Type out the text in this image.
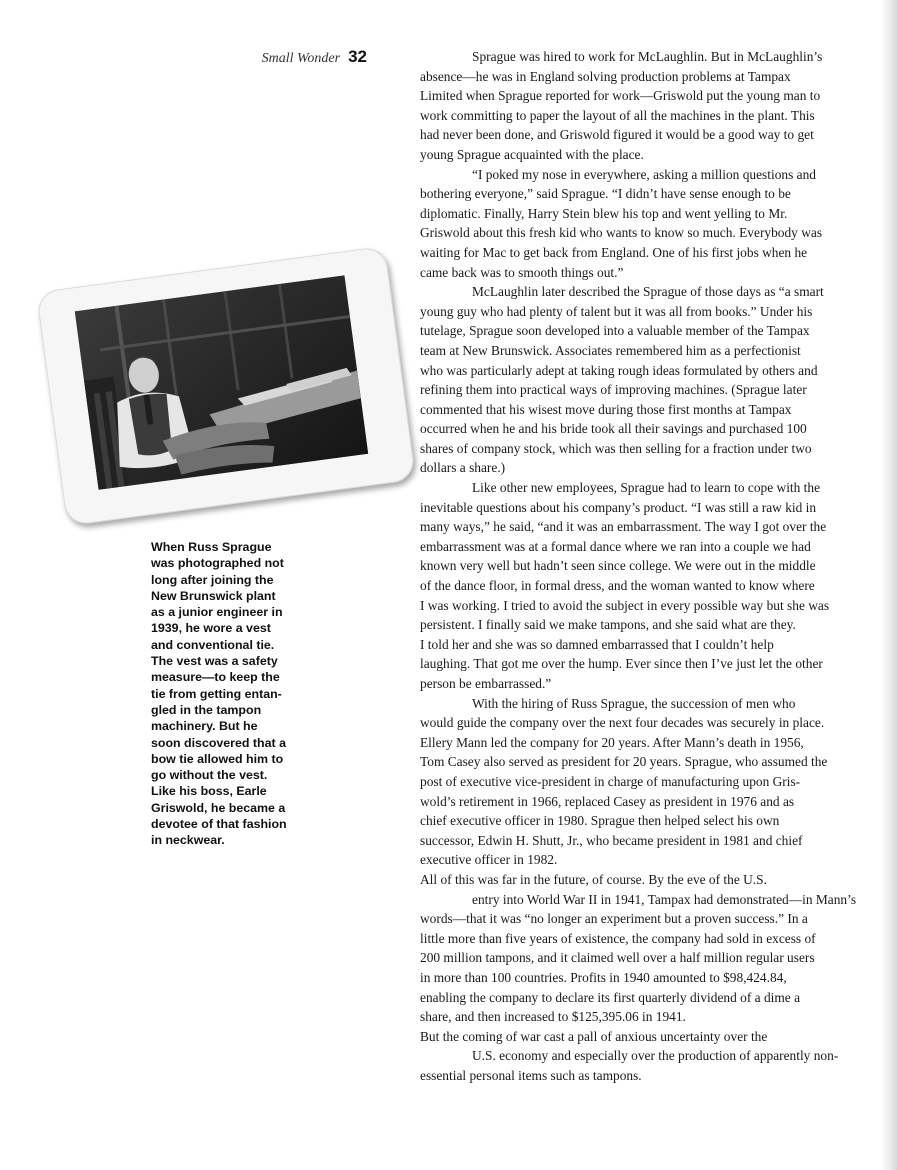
Small Wonder 32
When Russ Sprague
was photographed not
long after joining the
New Brunswick plant
as a junior engineer in
1939, he wore a vest
and conventional tie.
The vest was a safety
measure—to keep the
tie from getting entan-
gled in the tampon
machinery. But he
soon discovered that a
bow tie allowed him to
go without the vest.
Like his boss, Earle
Griswold, he became a
devotee of that fashion
in neckwear.
Sprague was hired to work for McLaughlin. But in McLaughlin’s
absence—he was in England solving production problems at Tampax
Limited when Sprague reported for work—Griswold put the young man to
work committing to paper the layout of all the machines in the plant. This
had never been done, and Griswold figured it would be a good way to get
young Sprague acquainted with the place.
“I poked my nose in everywhere, asking a million questions and
bothering everyone,” said Sprague. “I didn’t have sense enough to be
diplomatic. Finally, Harry Stein blew his top and went yelling to Mr.
Griswold about this fresh kid who wants to know so much. Everybody was
waiting for Mac to get back from England. One of his first jobs when he
came back was to smooth things out.”
McLaughlin later described the Sprague of those days as “a smart
young guy who had plenty of talent but it was all from books.” Under his
tutelage, Sprague soon developed into a valuable member of the Tampax
team at New Brunswick. Associates remembered him as a perfectionist
who was particularly adept at taking rough ideas formulated by others and
refining them into practical ways of improving machines. (Sprague later
commented that his wisest move during those first months at Tampax
occurred when he and his bride took all their savings and purchased 100
shares of company stock, which was then selling for a fraction under two
dollars a share.)
Like other new employees, Sprague had to learn to cope with the
inevitable questions about his company’s product. “I was still a raw kid in
many ways,” he said, “and it was an embarrassment. The way I got over the
embarrassment was at a formal dance where we ran into a couple we had
known very well but hadn’t seen since college. We were out in the middle
of the dance floor, in formal dress, and the woman wanted to know where
I was working. I tried to avoid the subject in every possible way but she was
persistent. I finally said we make tampons, and she said what are they.
I told her and she was so damned embarrassed that I couldn’t help
laughing. That got me over the hump. Ever since then I’ve just let the other
person be embarrassed.”
With the hiring of Russ Sprague, the succession of men who
would guide the company over the next four decades was securely in place.
Ellery Mann led the company for 20 years. After Mann’s death in 1956,
Tom Casey also served as president for 20 years. Sprague, who assumed the
post of executive vice-president in charge of manufacturing upon Gris-
wold’s retirement in 1966, replaced Casey as president in 1976 and as
chief executive officer in 1980. Sprague then helped select his own
successor, Edwin H. Shutt, Jr., who became president in 1981 and chief
executive officer in 1982.
All of this was far in the future, of course. By the eve of the U.S.
entry into World War II in 1941, Tampax had demonstrated—in Mann’s
words—that it was “no longer an experiment but a proven success.” In a
little more than five years of existence, the company had sold in excess of
200 million tampons, and it claimed well over a half million regular users
in more than 100 countries. Profits in 1940 amounted to $98,424.84,
enabling the company to declare its first quarterly dividend of a dime a
share, and then increased to $125,395.06 in 1941.
But the coming of war cast a pall of anxious uncertainty over the
U.S. economy and especially over the production of apparently non-
essential personal items such as tampons.
